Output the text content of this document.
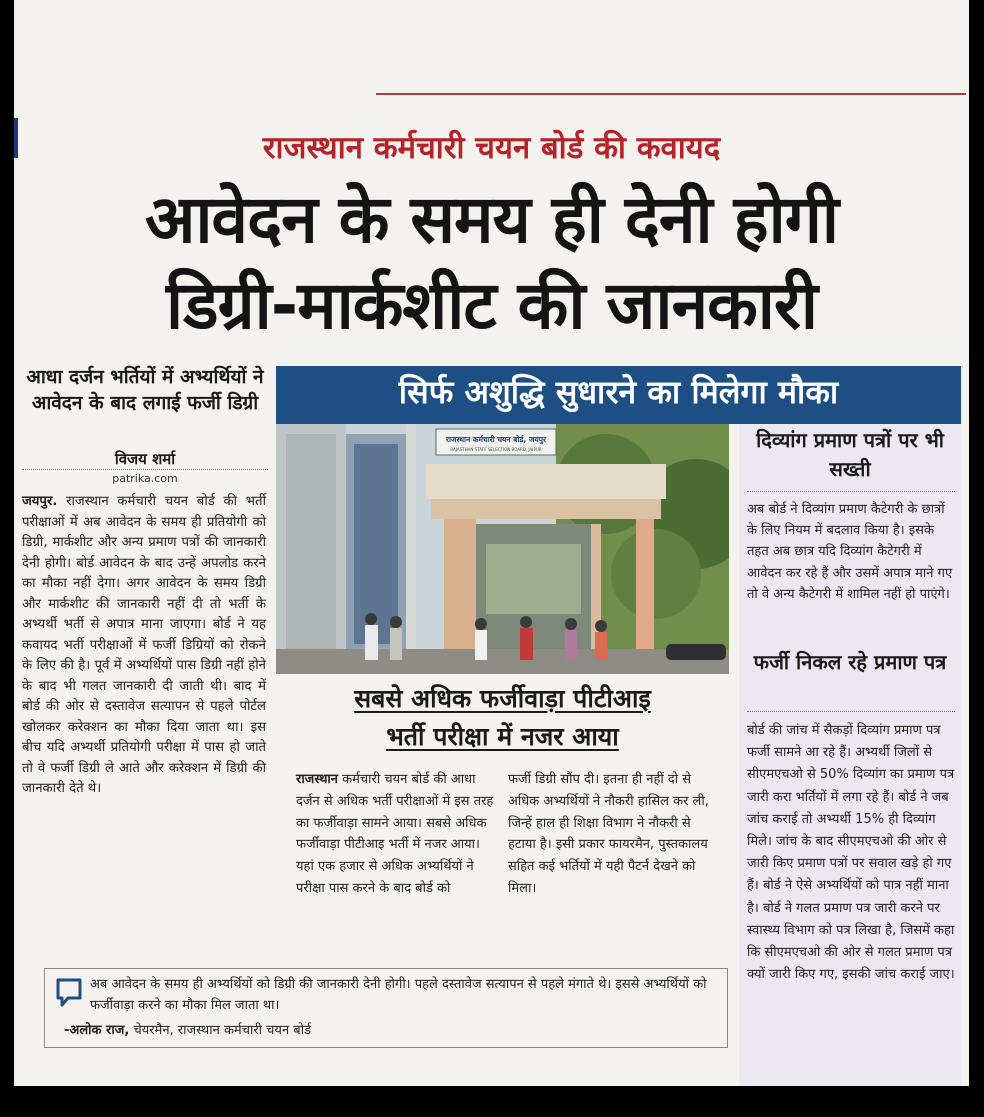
राजस्थान कर्मचारी चयन बोर्ड की कवायद
आवेदन के समय ही देनी होगी
डिग्री-मार्कशीट की जानकारी
आधा दर्जन भर्तियों में अभ्यर्थियों ने आवेदन के बाद लगाई फर्जी डिग्री
विजय शर्मा
patrika.com
जयपुर. राजस्थान कर्मचारी चयन बोर्ड की भर्ती परीक्षाओं में अब आवेदन के समय ही प्रतियोगी को डिग्री, मार्कशीट और अन्य प्रमाण पत्रों की जानकारी देनी होगी। बोर्ड आवेदन के बाद उन्हें अपलोड करने का मौका नहीं देगा। अगर आवेदन के समय डिग्री और मार्कशीट की जानकारी नहीं दी तो भर्ती के अभ्यर्थी भर्ती से अपात्र माना जाएगा। बोर्ड ने यह कवायद भर्ती परीक्षाओं में फर्जी डिग्रियों को रोकने के लिए की है। पूर्व में अभ्यर्थियों पास डिग्री नहीं होने के बाद भी गलत जानकारी दी जाती थी। बाद में बोर्ड की ओर से दस्तावेज सत्यापन से पहले पोर्टल खोलकर करेक्शन का मौका दिया जाता था। इस बीच यदि अभ्यर्थी प्रतियोगी परीक्षा में पास हो जाते तो वे फर्जी डिग्री ले आते और करेक्शन में डिग्री की जानकारी देते थे।
सिर्फ अशुद्धि सुधारने का मिलेगा मौका
राजस्थान कर्मचारी चयन बोर्ड, जयपुर
RAJASTHAN STAFF SELECTION BOARD, JAIPUR
सबसे अधिक फर्जीवाड़ा पीटीआइ
भर्ती परीक्षा में नजर आया
राजस्थान कर्मचारी चयन बोर्ड की आधा दर्जन से अधिक भर्ती परीक्षाओं में इस तरह का फर्जीवाड़ा सामने आया। सबसे अधिक फर्जीवाड़ा पीटीआइ भर्ती में नजर आया। यहां एक हजार से अधिक अभ्यर्थियों ने परीक्षा पास करने के बाद बोर्ड को
फर्जी डिग्री सौंप दी। इतना ही नहीं दो से अधिक अभ्यर्थियों ने नौकरी हासिल कर ली, जिन्हें हाल ही शिक्षा विभाग ने नौकरी से हटाया है। इसी प्रकार फायरमैन, पुस्तकालय सहित कई भर्तियों में यही पैटर्न देखने को मिला।
दिव्यांग प्रमाण पत्रों पर भी सख्ती
अब बोर्ड ने दिव्यांग प्रमाण कैटेगरी के छात्रों के लिए नियम में बदलाव किया है। इसके तहत अब छात्र यदि दिव्यांग कैटेगरी में आवेदन कर रहे हैं और उसमें अपात्र माने गए तो वे अन्य कैटेगरी में शामिल नहीं हो पाएंगे।
फर्जी निकल रहे प्रमाण पत्र
बोर्ड की जांच में सैकड़ों दिव्यांग प्रमाण पत्र फर्जी सामने आ रहे हैं। अभ्यर्थी जिलों से सीएमएचओ से 50% दिव्यांग का प्रमाण पत्र जारी करा भर्तियों में लगा रहे हैं। बोर्ड ने जब जांच कराई तो अभ्यर्थी 15% ही दिव्यांग मिले। जांच के बाद सीएमएचओ की ओर से जारी किए प्रमाण पत्रों पर सवाल खड़े हो गए हैं। बोर्ड ने ऐसे अभ्यर्थियों को पात्र नहीं माना है। बोर्ड ने गलत प्रमाण पत्र जारी करने पर स्वास्थ्य विभाग को पत्र लिखा है, जिसमें कहा कि सीएमएचओ की ओर से गलत प्रमाण पत्र क्यों जारी किए गए, इसकी जांच कराई जाए।
अब आवेदन के समय ही अभ्यर्थियों को डिग्री की जानकारी देनी होगी। पहले दस्तावेज सत्यापन से पहले मंगाते थे। इससे अभ्यर्थियों को फर्जीवाड़ा करने का मौका मिल जाता था।
-अलोक राज, चेयरमैन, राजस्थान कर्मचारी चयन बोर्ड
